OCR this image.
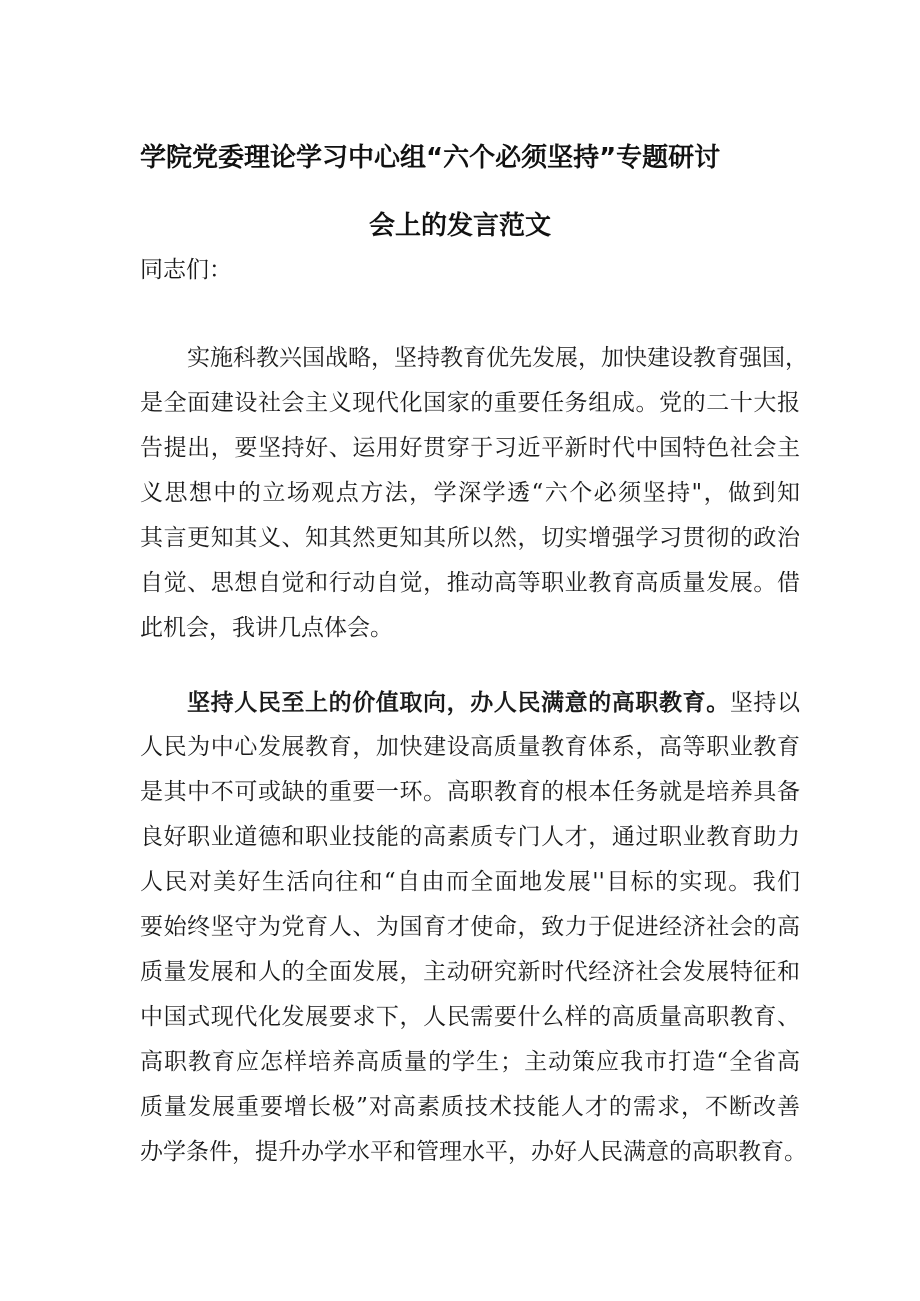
学院党委理论学习中心组“六个必须坚持”专题研讨
会上的发言范文
同志们：
实施科教兴国战略，坚持教育优先发展，加快建设教育强国，
是全面建设社会主义现代化国家的重要任务组成。党的二十大报
告提出，要坚持好、运用好贯穿于习近平新时代中国特色社会主
义思想中的立场观点方法，学深学透“六个必须坚持"，做到知
其言更知其义、知其然更知其所以然，切实增强学习贯彻的政治
自觉、思想自觉和行动自觉，推动高等职业教育高质量发展。借
此机会，我讲几点体会。
坚持人民至上的价值取向，办人民满意的高职教育。坚持以
人民为中心发展教育，加快建设高质量教育体系，高等职业教育
是其中不可或缺的重要一环。高职教育的根本任务就是培养具备
良好职业道德和职业技能的高素质专门人才，通过职业教育助力
人民对美好生活向往和“自由而全面地发展''目标的实现。我们
要始终坚守为党育人、为国育才使命，致力于促进经济社会的高
质量发展和人的全面发展，主动研究新时代经济社会发展特征和
中国式现代化发展要求下，人民需要什么样的高质量高职教育、
高职教育应怎样培养高质量的学生；主动策应我市打造“全省高
质量发展重要增长极”对高素质技术技能人才的需求，不断改善
办学条件，提升办学水平和管理水平，办好人民满意的高职教育。
